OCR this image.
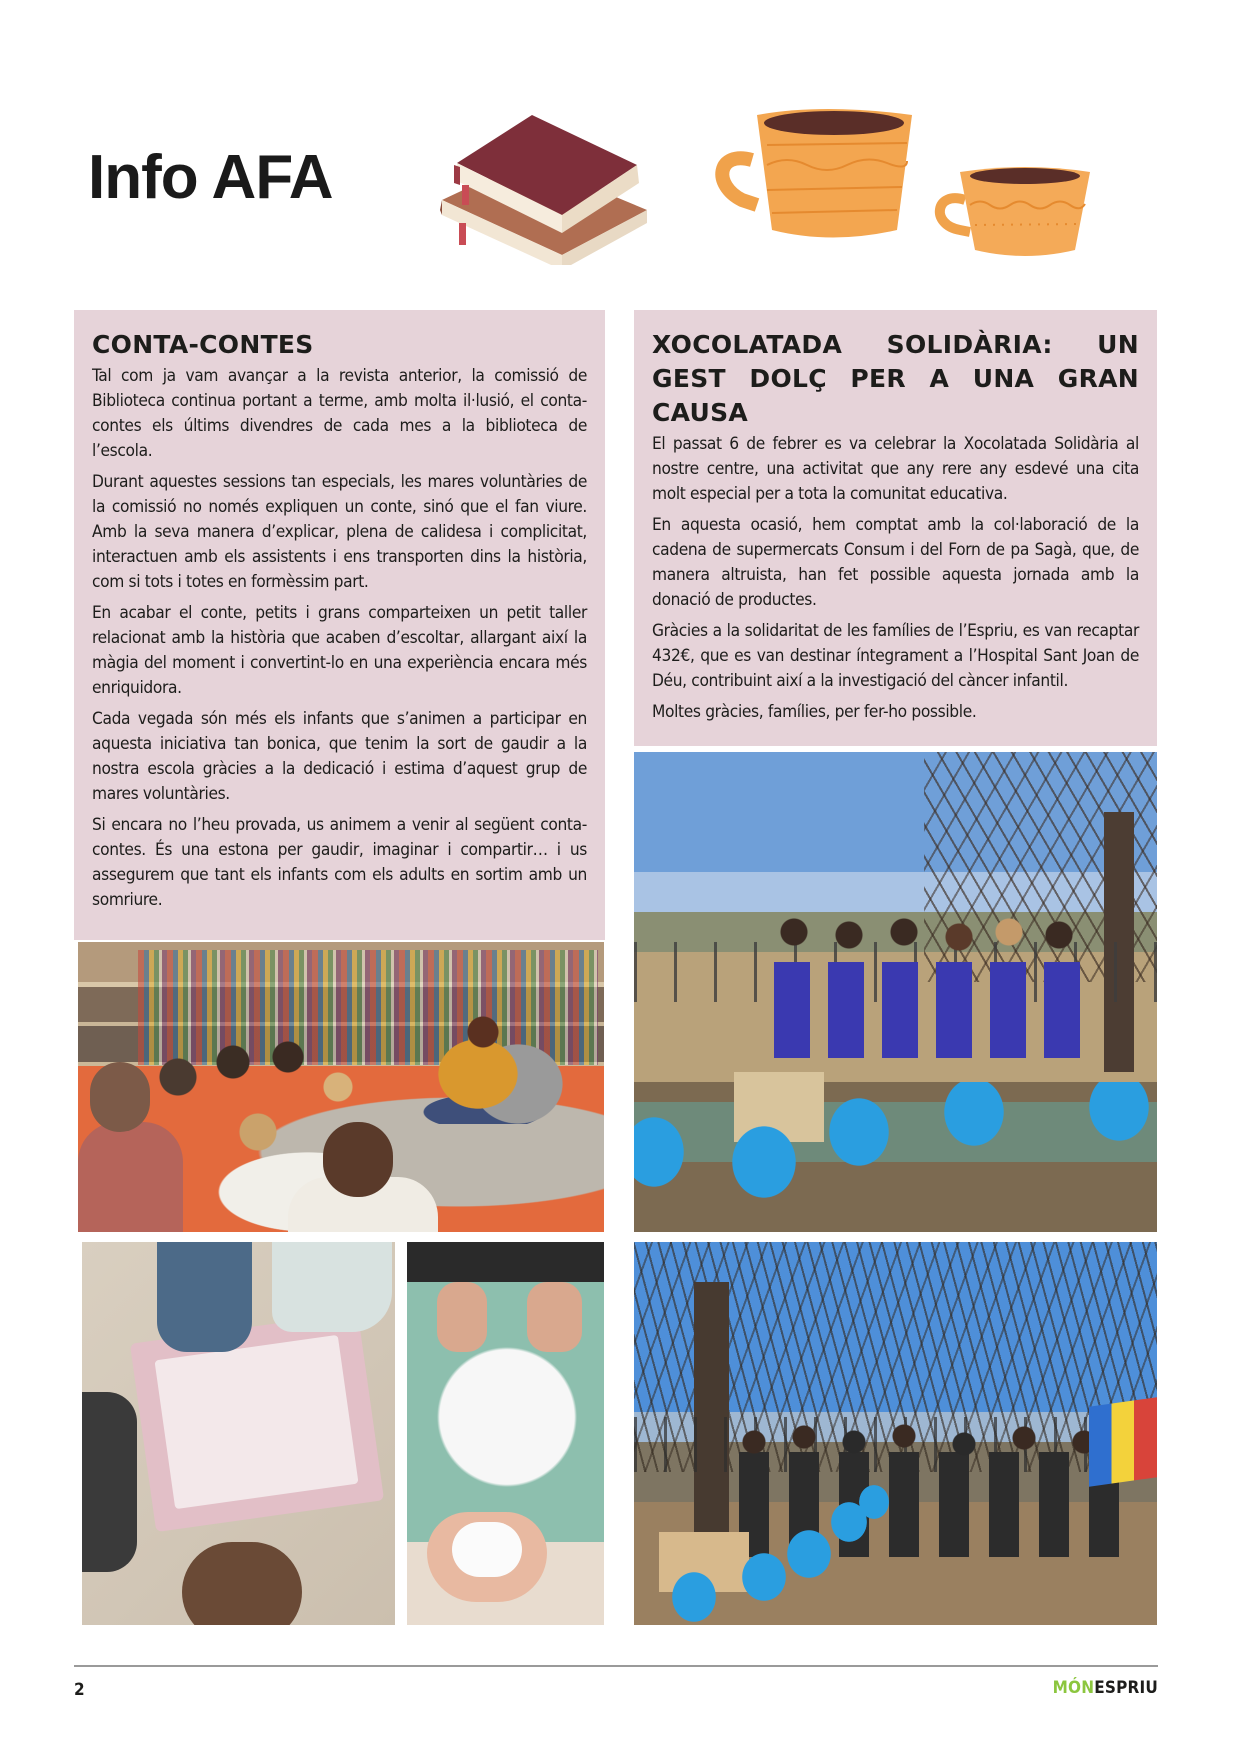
Info AFA
CONTA-CONTES

Tal com ja vam avançar a la revista anterior, la comissió de Biblioteca continua portant a terme, amb molta il·lusió, el conta-contes els últims divendres de cada mes a la biblioteca de l’escola.

Durant aquestes sessions tan especials, les mares voluntàries de la comissió no només expliquen un conte, sinó que el fan viure. Amb la seva manera d’explicar, plena de calidesa i complicitat, interactuen amb els assistents i ens transporten dins la història, com si tots i totes en formèssim part.

En acabar el conte, petits i grans comparteixen un petit taller relacionat amb la història que acaben d’escoltar, allargant així la màgia del moment i convertint-lo en una experiència encara més enriquidora.

Cada vegada són més els infants que s’animen a participar en aquesta iniciativa tan bonica, que tenim la sort de gaudir a la nostra escola gràcies a la dedicació i estima d’aquest grup de mares voluntàries.

Si encara no l’heu provada, us animem a venir al següent conta-contes. És una estona per gaudir, imaginar i compartir… i us assegurem que tant els infants com els adults en sortim amb un somriure.

XOCOLATADA SOLIDÀRIA: UN GEST DOLÇ PER A UNA GRAN CAUSA

El passat 6 de febrer es va celebrar la Xocolatada Solidària al nostre centre, una activitat que any rere any esdevé una cita molt especial per a tota la comunitat educativa.

En aquesta ocasió, hem comptat amb la col·laboració de la cadena de supermercats Consum i del Forn de pa Sagà, que, de manera altruista, han fet possible aquesta jornada amb la donació de productes.

Gràcies a la solidaritat de les famílies de l’Espriu, es van recaptar 432€, que es van destinar íntegrament a l’Hospital Sant Joan de Déu, contribuint així a la investigació del càncer infantil.

Moltes gràcies, famílies, per fer-ho possible.

2	MÓNESPRIU
